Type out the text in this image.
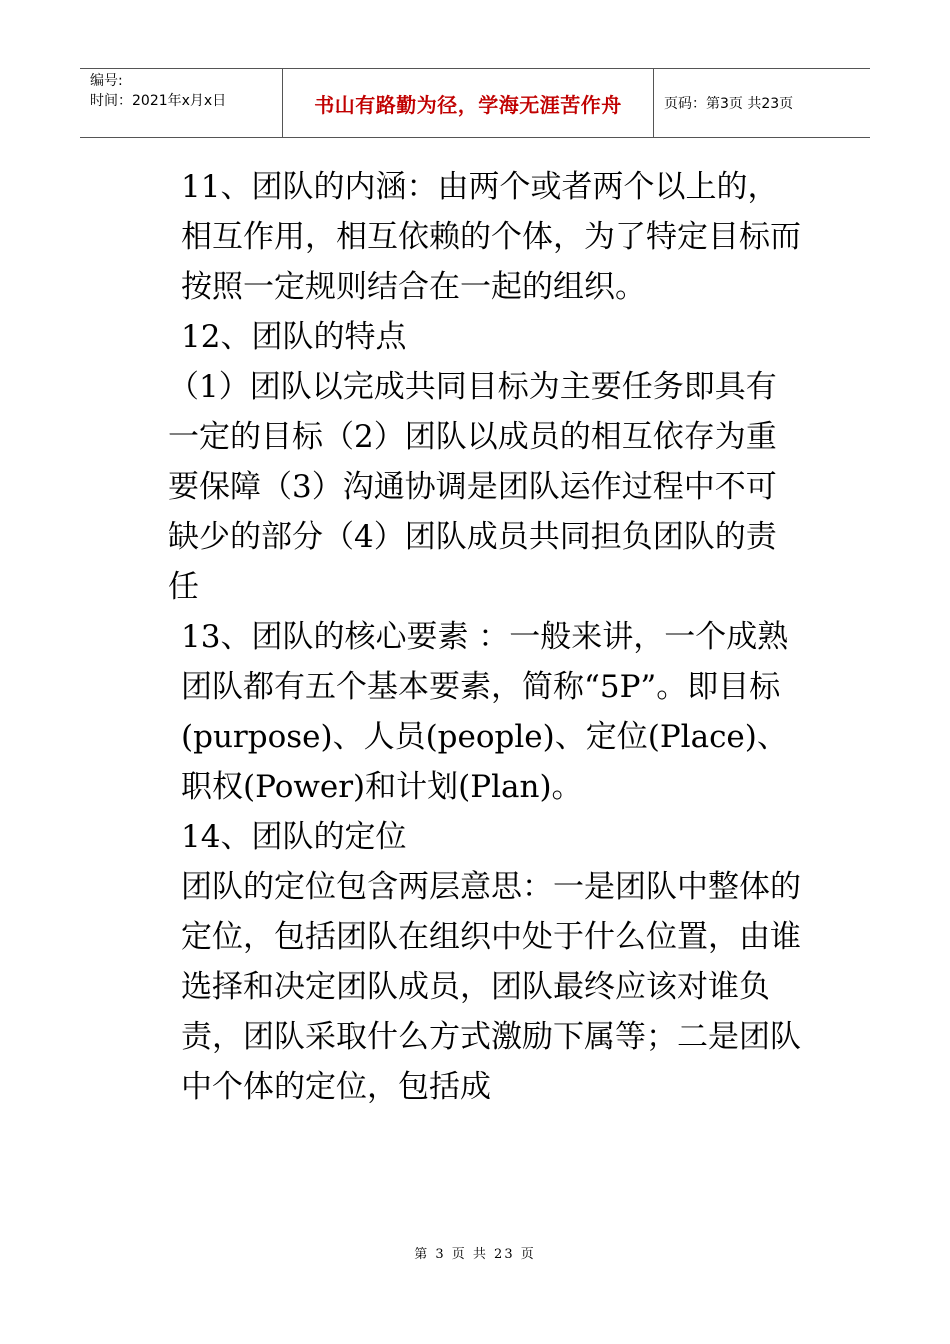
编号:
时间：2021年x月x日	书山有路勤为径，学海无涯苦作舟	页码：第3页 共23页

11、团队的内涵：由两个或者两个以上的，相互作用，相互依赖的个体，为了特定目标而按照一定规则结合在一起的组织。

12、团队的特点

（1）团队以完成共同目标为主要任务即具有一定的目标（2）团队以成员的相互依存为重要保障（3）沟通协调是团队运作过程中不可缺少的部分（4）团队成员共同担负团队的责任

13、团队的核心要素 ：一般来讲，一个成熟团队都有五个基本要素，简称“5P”。即目标(purpose)、人员(people)、定位(Place)、职权(Power)和计划(Plan)。

14、团队的定位

团队的定位包含两层意思：一是团队中整体的定位，包括团队在组织中处于什么位置，由谁选择和决定团队成员，团队最终应该对谁负责，团队采取什么方式激励下属等；二是团队中个体的定位，包括成

第 3 页 共 23 页
